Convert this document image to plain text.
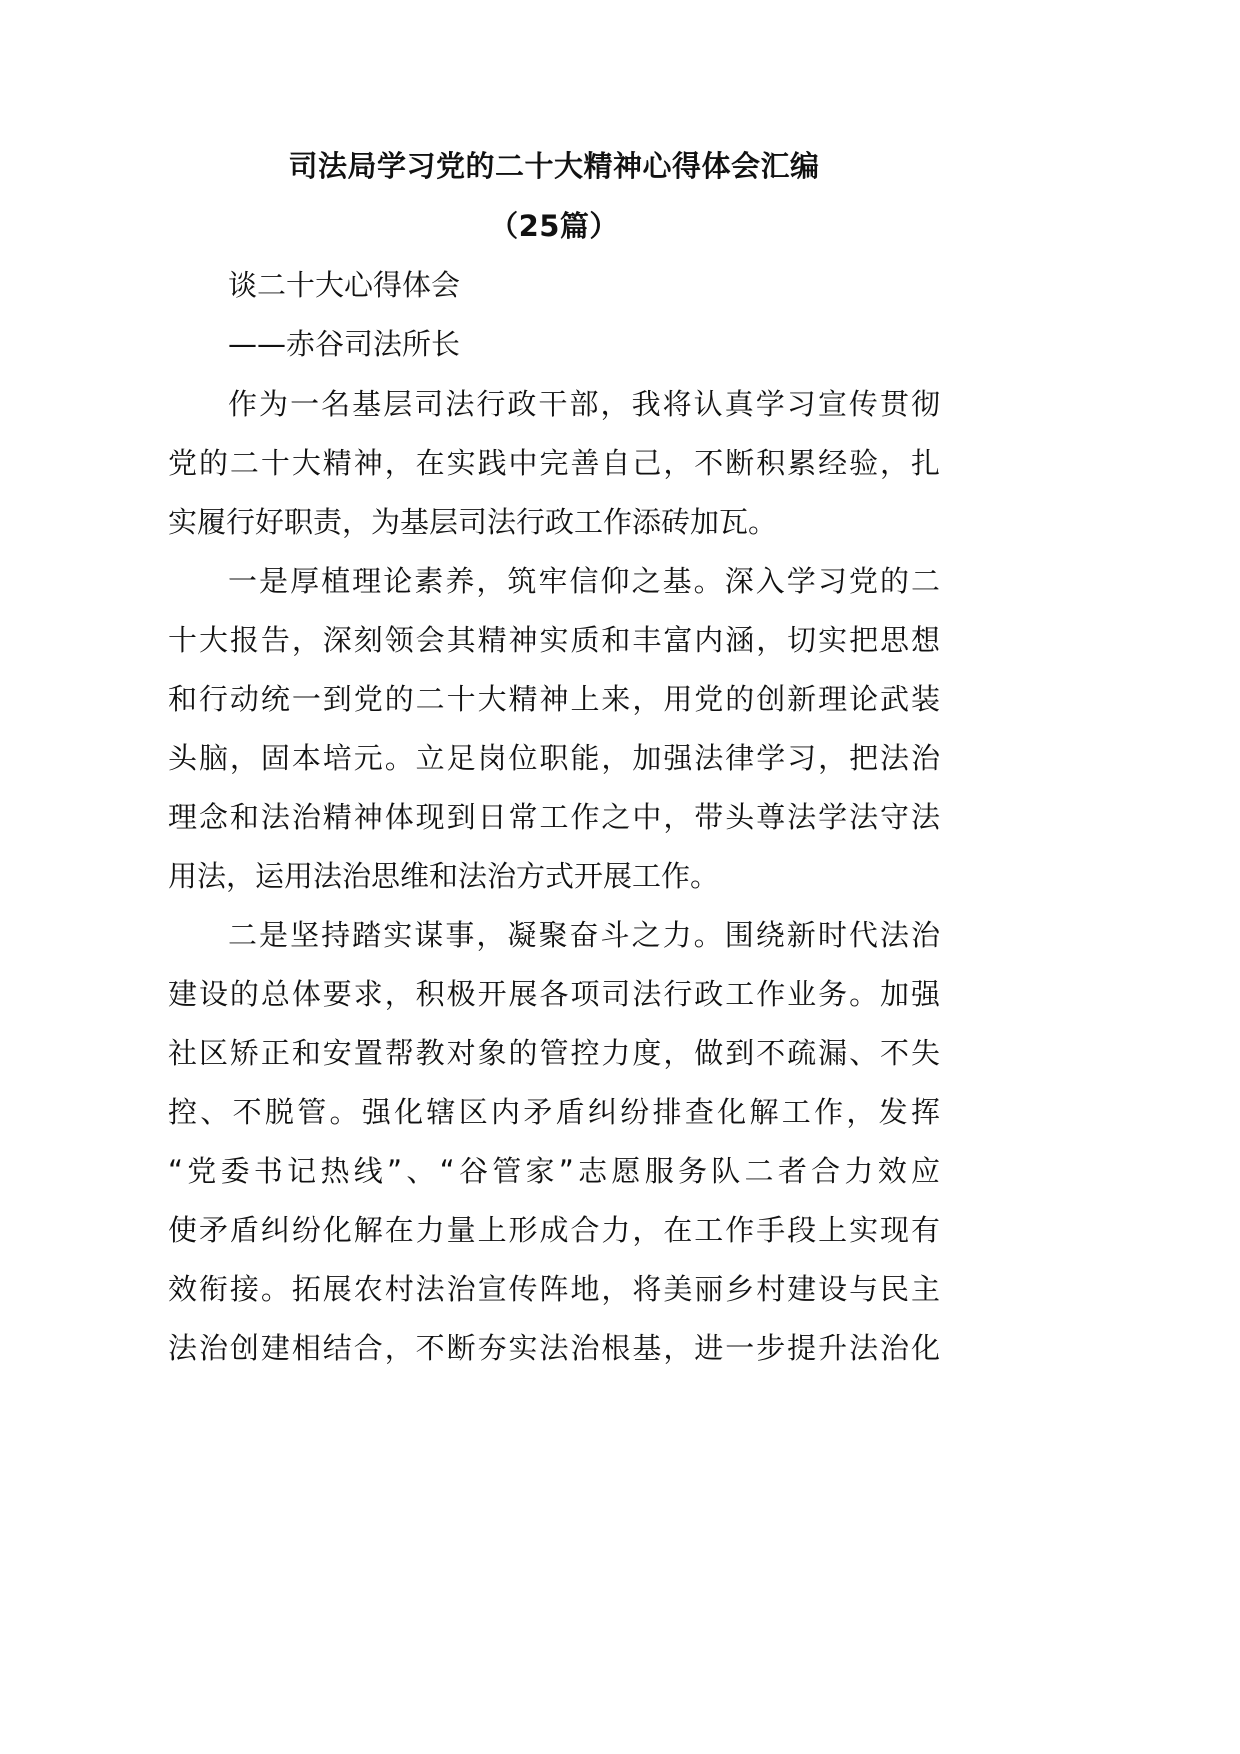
司法局学习党的二十大精神心得体会汇编
（25篇）
谈二十大心得体会
——赤谷司法所长
作为一名基层司法行政干部，我将认真学习宣传贯彻
党的二十大精神，在实践中完善自己，不断积累经验，扎
实履行好职责，为基层司法行政工作添砖加瓦。
一是厚植理论素养，筑牢信仰之基。深入学习党的二
十大报告，深刻领会其精神实质和丰富内涵，切实把思想
和行动统一到党的二十大精神上来，用党的创新理论武装
头脑，固本培元。立足岗位职能，加强法律学习，把法治
理念和法治精神体现到日常工作之中，带头尊法学法守法
用法，运用法治思维和法治方式开展工作。
二是坚持踏实谋事，凝聚奋斗之力。围绕新时代法治
建设的总体要求，积极开展各项司法行政工作业务。加强
社区矫正和安置帮教对象的管控力度，做到不疏漏、不失
控、不脱管。强化辖区内矛盾纠纷排查化解工作，发挥
“党委书记热线”、“谷管家”志愿服务队二者合力效应
使矛盾纠纷化解在力量上形成合力，在工作手段上实现有
效衔接。拓展农村法治宣传阵地，将美丽乡村建设与民主
法治创建相结合，不断夯实法治根基，进一步提升法治化
